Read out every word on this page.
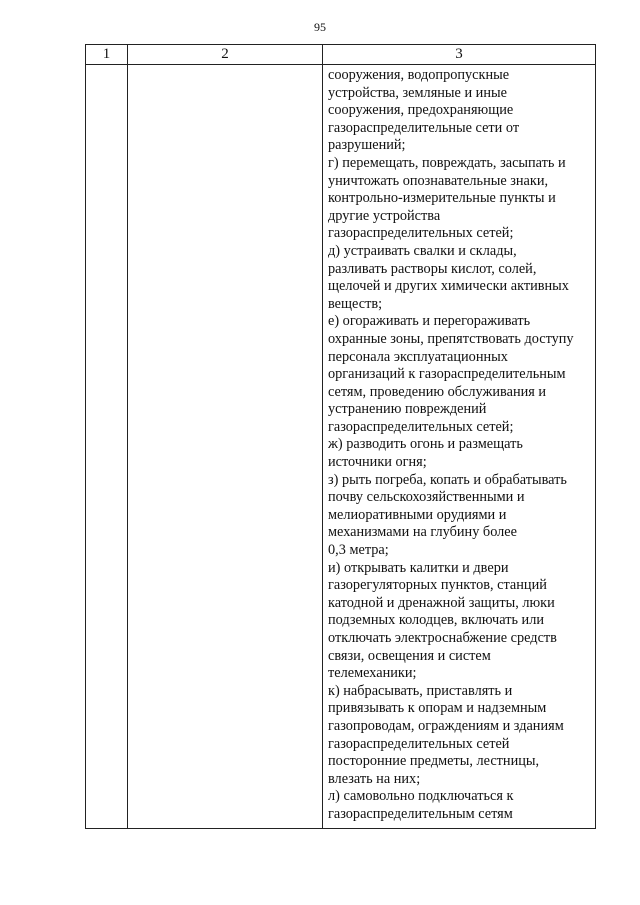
95
1	2	3
сооружения, водопропускные
устройства, земляные и иные
сооружения, предохраняющие
газораспределительные сети от
разрушений;
г) перемещать, повреждать, засыпать и
уничтожать опознавательные знаки,
контрольно-измерительные пункты и
другие устройства
газораспределительных сетей;
д) устраивать свалки и склады,
разливать растворы кислот, солей,
щелочей и других химически активных
веществ;
е) огораживать и перегораживать
охранные зоны, препятствовать доступу
персонала эксплуатационных
организаций к газораспределительным
сетям, проведению обслуживания и
устранению повреждений
газораспределительных сетей;
ж) разводить огонь и размещать
источники огня;
з) рыть погреба, копать и обрабатывать
почву сельскохозяйственными и
мелиоративными орудиями и
механизмами на глубину более
0,3 метра;
и) открывать калитки и двери
газорегуляторных пунктов, станций
катодной и дренажной защиты, люки
подземных колодцев, включать или
отключать электроснабжение средств
связи, освещения и систем
телемеханики;
к) набрасывать, приставлять и
привязывать к опорам и надземным
газопроводам, ограждениям и зданиям
газораспределительных сетей
посторонние предметы, лестницы,
влезать на них;
л) самовольно подключаться к
газораспределительным сетям
